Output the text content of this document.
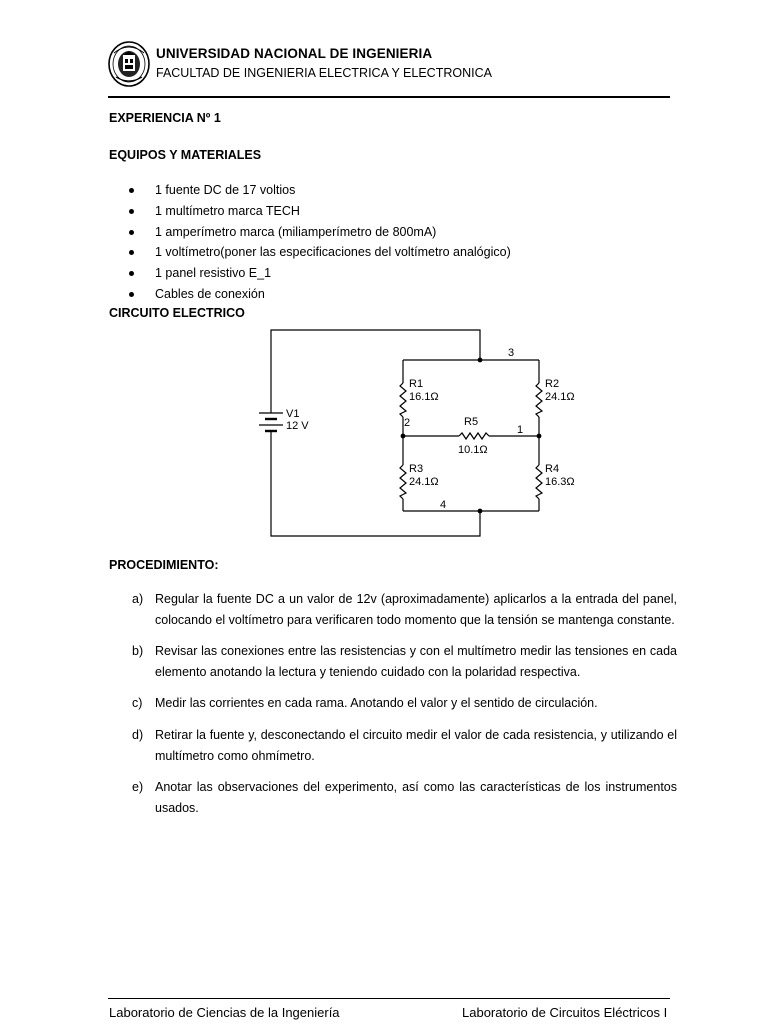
UNIVERSIDAD NACIONAL DE INGENIERIA
FACULTAD DE INGENIERIA ELECTRICA Y ELECTRONICA
EXPERIENCIA Nº 1
EQUIPOS Y MATERIALES
1 fuente DC de 17 voltios
1 multímetro marca TECH
1 amperímetro marca (miliamperímetro de 800mA)
1 voltímetro(poner las especificaciones del voltímetro analógico)
1 panel resistivo E_1
Cables de conexión
CIRCUITO ELECTRICO
V1
12 V
R1
16.1Ω
R2
24.1Ω
R5
10.1Ω
R3
24.1Ω
R4
16.3Ω
3
2
1
4
PROCEDIMIENTO:
a) Regular la fuente DC a un valor de 12v (aproximadamente) aplicarlos a la entrada del panel, colocando el voltímetro para verificaren todo momento que la tensión se mantenga constante.
b) Revisar las conexiones entre las resistencias y con el multímetro medir las tensiones en cada elemento anotando la lectura y teniendo cuidado con la polaridad respectiva.
c) Medir las corrientes en cada rama. Anotando el valor y el sentido de circulación.
d) Retirar la fuente y, desconectando el circuito medir el valor de cada resistencia, y utilizando el multímetro como ohmímetro.
e) Anotar las observaciones del experimento, así como las características de los instrumentos usados.
Laboratorio de Ciencias de la Ingeniería	Laboratorio de Circuitos Eléctricos I
